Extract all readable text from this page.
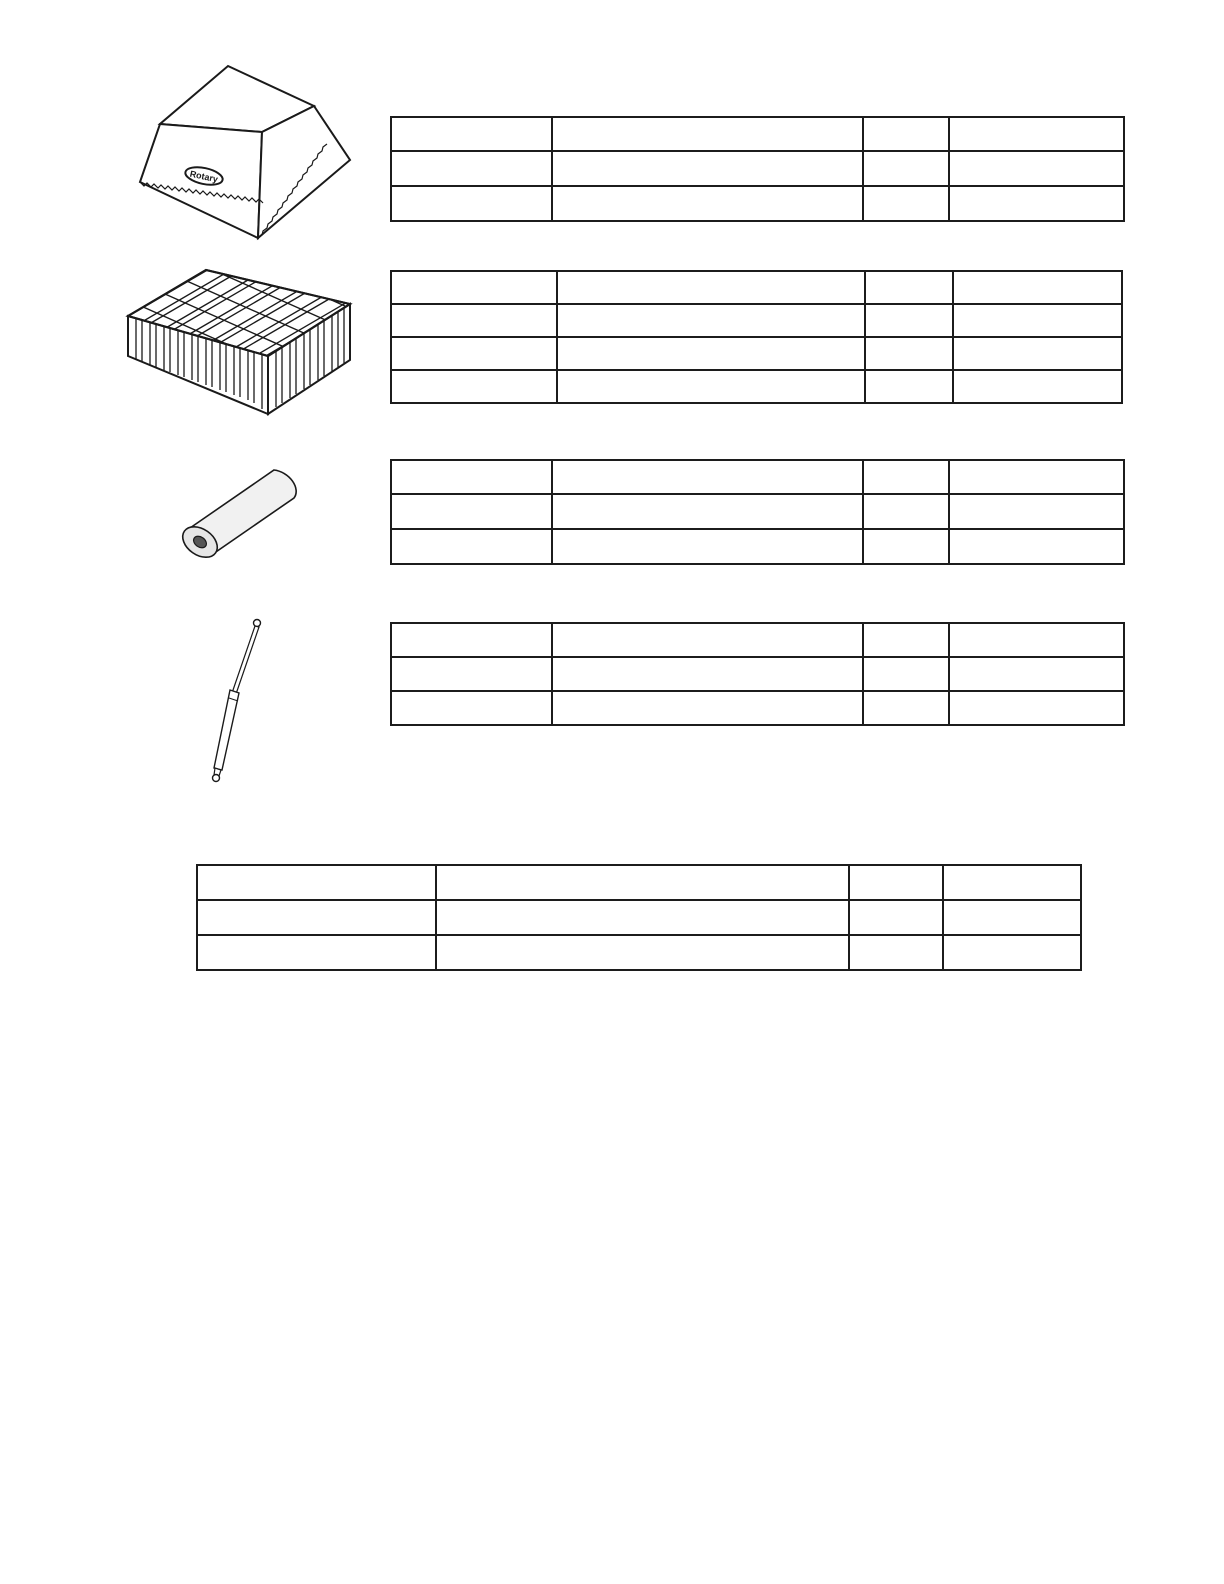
Rotary
